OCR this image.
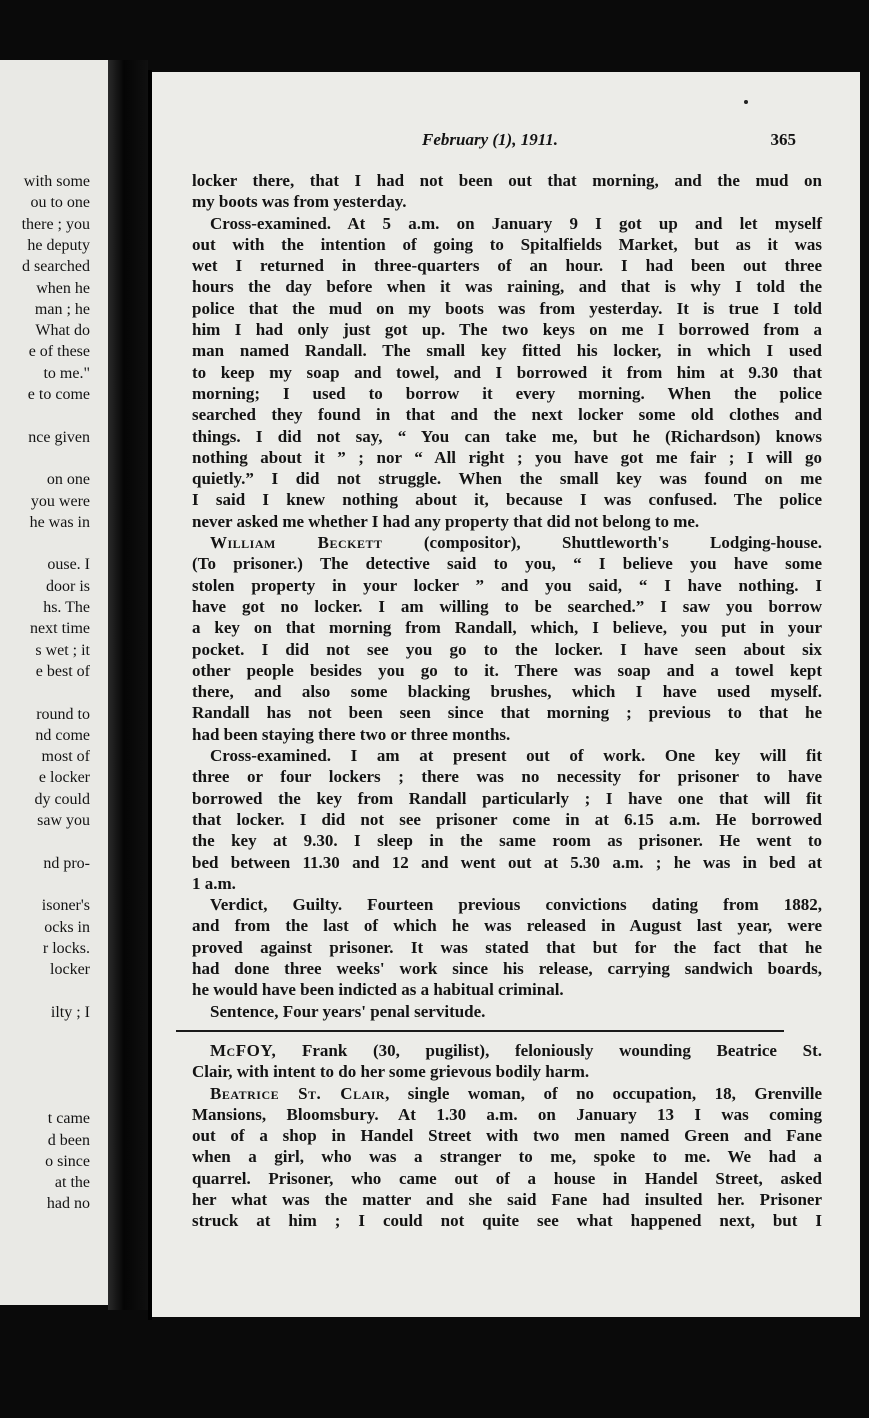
with some
ou to one
there ; you
he deputy
d searched
when he
man ; he
What do
e of these
to me."
e to come
nce given
on one
you were
he was in
ouse. I
door is
hs. The
next time
s wet ; it
e best of
round to
nd come
most of
e locker
dy could
saw you
nd pro-
isoner's
ocks in
r locks.
locker
ilty ; I
t came
d been
o since
at the
had no
February (1), 1911.	365
locker there, that I had not been out that morning, and the mud on
my boots was from yesterday.
Cross-examined. At 5 a.m. on January 9 I got up and let myself
out with the intention of going to Spitalfields Market, but as it was
wet I returned in three-quarters of an hour. I had been out three
hours the day before when it was raining, and that is why I told the
police that the mud on my boots was from yesterday. It is true I told
him I had only just got up. The two keys on me I borrowed from a
man named Randall. The small key fitted his locker, in which I used
to keep my soap and towel, and I borrowed it from him at 9.30 that
morning; I used to borrow it every morning. When the police
searched they found in that and the next locker some old clothes and
things. I did not say, “ You can take me, but he (Richardson) knows
nothing about it ” ; nor “ All right ; you have got me fair ; I will go
quietly.” I did not struggle. When the small key was found on me
I said I knew nothing about it, because I was confused. The police
never asked me whether I had any property that did not belong to me.
William Beckett (compositor), Shuttleworth's Lodging-house.
(To prisoner.) The detective said to you, “ I believe you have some
stolen property in your locker ” and you said, “ I have nothing. I
have got no locker. I am willing to be searched.” I saw you borrow
a key on that morning from Randall, which, I believe, you put in your
pocket. I did not see you go to the locker. I have seen about six
other people besides you go to it. There was soap and a towel kept
there, and also some blacking brushes, which I have used myself.
Randall has not been seen since that morning ; previous to that he
had been staying there two or three months.
Cross-examined. I am at present out of work. One key will fit
three or four lockers ; there was no necessity for prisoner to have
borrowed the key from Randall particularly ; I have one that will fit
that locker. I did not see prisoner come in at 6.15 a.m. He borrowed
the key at 9.30. I sleep in the same room as prisoner. He went to
bed between 11.30 and 12 and went out at 5.30 a.m. ; he was in bed at
1 a.m.
Verdict, Guilty. Fourteen previous convictions dating from 1882,
and from the last of which he was released in August last year, were
proved against prisoner. It was stated that but for the fact that he
had done three weeks' work since his release, carrying sandwich boards,
he would have been indicted as a habitual criminal.
Sentence, Four years' penal servitude.
McFOY, Frank (30, pugilist), feloniously wounding Beatrice St.
Clair, with intent to do her some grievous bodily harm.
Beatrice St. Clair, single woman, of no occupation, 18, Grenville
Mansions, Bloomsbury. At 1.30 a.m. on January 13 I was coming
out of a shop in Handel Street with two men named Green and Fane
when a girl, who was a stranger to me, spoke to me. We had a
quarrel. Prisoner, who came out of a house in Handel Street, asked
her what was the matter and she said Fane had insulted her. Prisoner
struck at him ; I could not quite see what happened next, but I
